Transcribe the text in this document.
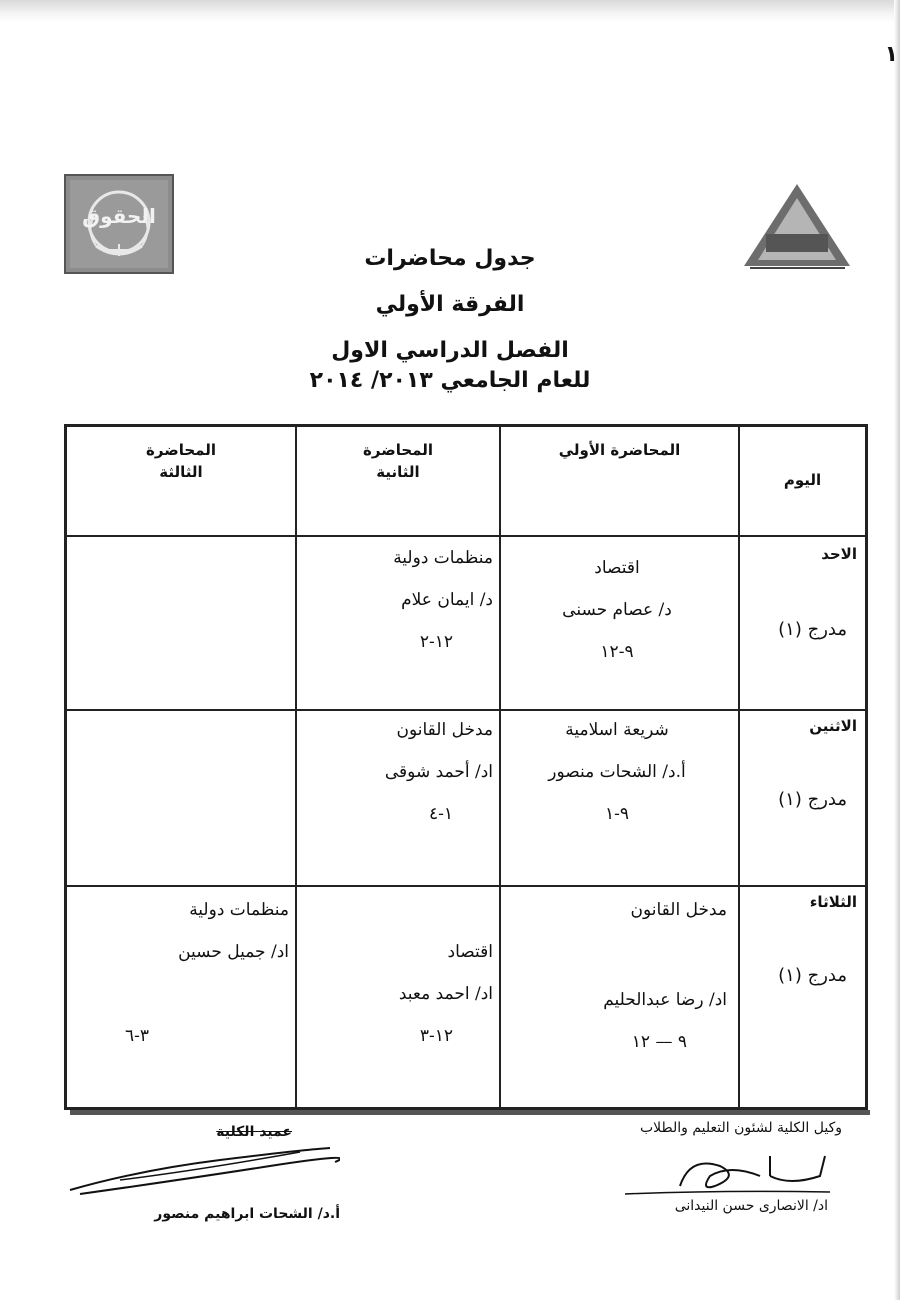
١
الحقوق
جدول محاضرات
الفرقة الأولي
الفصل الدراسي الاول
للعام الجامعي ٢٠١٣/ ٢٠١٤
اليوم
المحاضرة الأولي
المحاضرة
الثانية
المحاضرة
الثالثة
الاحد
مدرج (١)
اقتصاد
د/ عصام حسنى
٩-١٢
منظمات دولية
د/ ايمان علام
١٢-٢
الاثنين
مدرج (١)
شريعة اسلامية
أ.د/ الشحات منصور
٩-١
مدخل القانون
اد/ أحمد شوقى
١-٤
الثلاثاء
مدرج (١)
مدخل القانون
اد/ رضا عبدالحليم
٩ — ١٢
اقتصاد
اد/ احمد معبد
١٢-٣
منظمات دولية
اد/ جميل حسين
٣-٦
عميد الكلية
أ.د/ الشحات ابراهيم منصور
وكيل الكلية لشئون التعليم والطلاب
اد/ الانصارى حسن النيدانى
